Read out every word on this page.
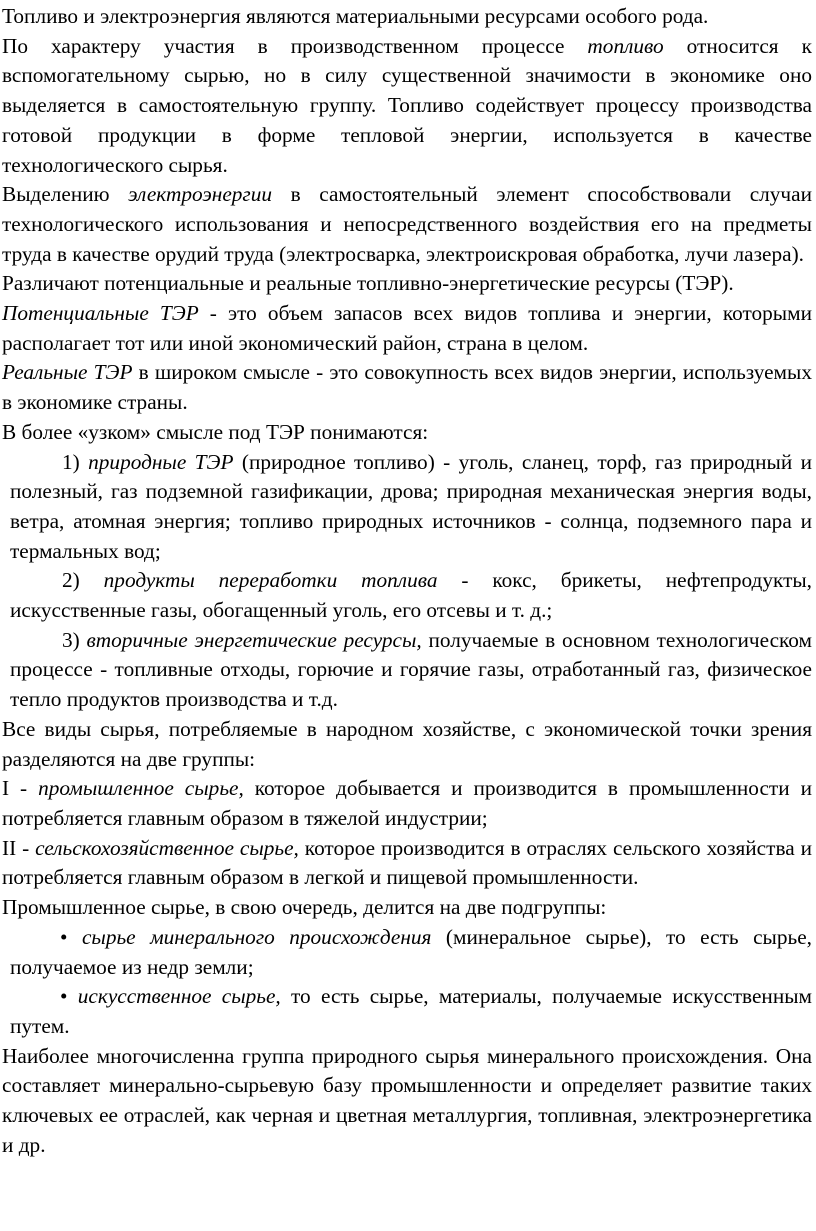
Топливо и электроэнергия являются материальными ресурсами особого рода.

По характеру участия в производственном процессе топливо относится к вспомогательному сырью, но в силу существенной значимости в экономике оно выделяется в самостоятельную группу. Топливо содействует процессу производства готовой продукции в форме тепловой энергии, используется в качестве технологического сырья.

Выделению электроэнергии в самостоятельный элемент способствовали случаи технологического использования и непосредственного воздействия его на предметы труда в качестве орудий труда (электросварка, электроискровая обработка, лучи лазера).

Различают потенциальные и реальные топливно-энергетические ресурсы (ТЭР).

Потенциальные ТЭР - это объем запасов всех видов топлива и энергии, которыми располагает тот или иной экономический район, страна в целом.

Реальные ТЭР в широком смысле - это совокупность всех видов энергии, используемых в экономике страны.

В более «узком» смысле под ТЭР понимаются:

1) природные ТЭР (природное топливо) - уголь, сланец, торф, газ природный и полезный, газ подземной газификации, дрова; природная механическая энергия воды, ветра, атомная энергия; топливо природных источников - солнца, подземного пара и термальных вод;

2) продукты переработки топлива - кокс, брикеты, нефтепродукты, искусственные газы, обогащенный уголь, его отсевы и т. д.;

3) вторичные энергетические ресурсы, получаемые в основном технологическом процессе - топливные отходы, горючие и горячие газы, отработанный газ, физическое тепло продуктов производства и т.д.

Все виды сырья, потребляемые в народном хозяйстве, с экономической точки зрения разделяются на две группы:

I - промышленное сырье, которое добывается и производится в промышленности и потребляется главным образом в тяжелой индустрии;

II - сельскохозяйственное сырье, которое производится в отраслях сельского хозяйства и потребляется главным образом в легкой и пищевой промышленности.

Промышленное сырье, в свою очередь, делится на две подгруппы:

• сырье минерального происхождения (минеральное сырье), то есть сырье, получаемое из недр земли;

• искусственное сырье, то есть сырье, материалы, получаемые искусственным путем.

Наиболее многочисленна группа природного сырья минерального происхождения. Она составляет минерально-сырьевую базу промышленности и определяет развитие таких ключевых ее отраслей, как черная и цветная металлургия, топливная, электроэнергетика и др.
